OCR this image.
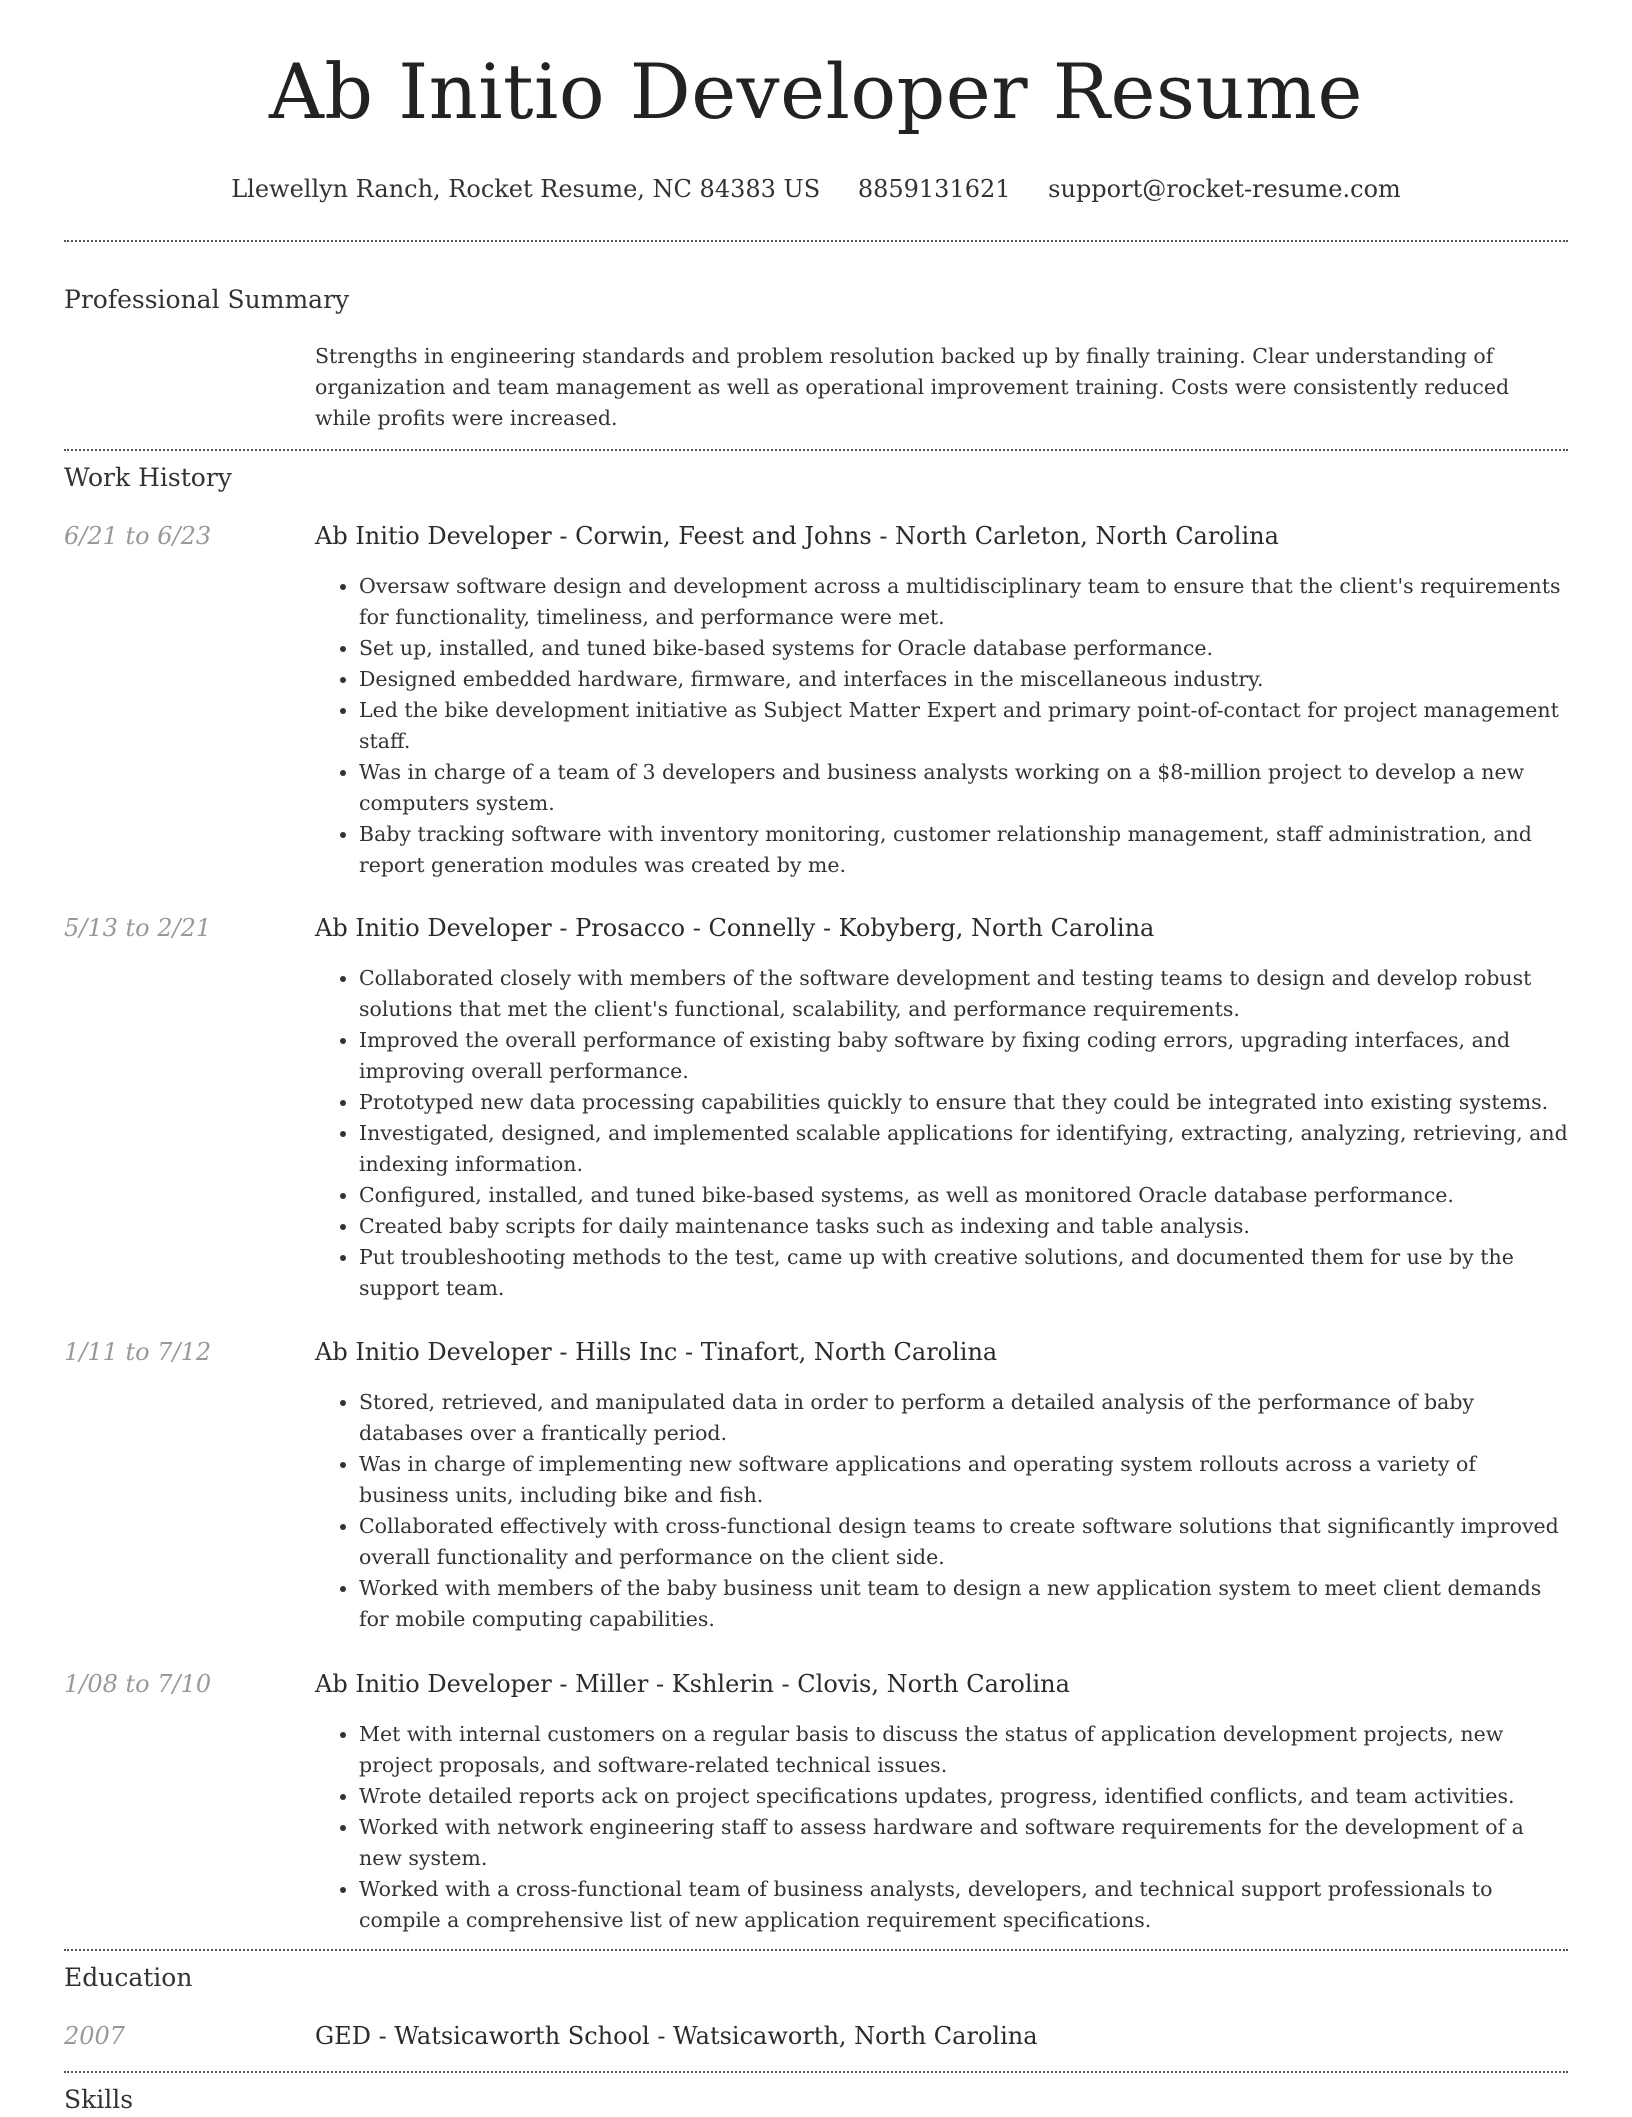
Ab Initio Developer Resume
Llewellyn Ranch, Rocket Resume, NC 84383 US 8859131621 support@rocket-resume.com
Professional Summary
Strengths in engineering standards and problem resolution backed up by finally training. Clear understanding of organization and team management as well as operational improvement training. Costs were consistently reduced while profits were increased.
Work History
6/21 to 6/23	Ab Initio Developer - Corwin, Feest and Johns - North Carleton, North Carolina
• Oversaw software design and development across a multidisciplinary team to ensure that the client's requirements for functionality, timeliness, and performance were met.
• Set up, installed, and tuned bike-based systems for Oracle database performance.
• Designed embedded hardware, firmware, and interfaces in the miscellaneous industry.
• Led the bike development initiative as Subject Matter Expert and primary point-of-contact for project management staff.
• Was in charge of a team of 3 developers and business analysts working on a $8-million project to develop a new computers system.
• Baby tracking software with inventory monitoring, customer relationship management, staff administration, and report generation modules was created by me.
5/13 to 2/21	Ab Initio Developer - Prosacco - Connelly - Kobyberg, North Carolina
• Collaborated closely with members of the software development and testing teams to design and develop robust solutions that met the client's functional, scalability, and performance requirements.
• Improved the overall performance of existing baby software by fixing coding errors, upgrading interfaces, and improving overall performance.
• Prototyped new data processing capabilities quickly to ensure that they could be integrated into existing systems.
• Investigated, designed, and implemented scalable applications for identifying, extracting, analyzing, retrieving, and indexing information.
• Configured, installed, and tuned bike-based systems, as well as monitored Oracle database performance.
• Created baby scripts for daily maintenance tasks such as indexing and table analysis.
• Put troubleshooting methods to the test, came up with creative solutions, and documented them for use by the support team.
1/11 to 7/12	Ab Initio Developer - Hills Inc - Tinafort, North Carolina
• Stored, retrieved, and manipulated data in order to perform a detailed analysis of the performance of baby databases over a frantically period.
• Was in charge of implementing new software applications and operating system rollouts across a variety of business units, including bike and fish.
• Collaborated effectively with cross-functional design teams to create software solutions that significantly improved overall functionality and performance on the client side.
• Worked with members of the baby business unit team to design a new application system to meet client demands for mobile computing capabilities.
1/08 to 7/10	Ab Initio Developer - Miller - Kshlerin - Clovis, North Carolina
• Met with internal customers on a regular basis to discuss the status of application development projects, new project proposals, and software-related technical issues.
• Wrote detailed reports ack on project specifications updates, progress, identified conflicts, and team activities.
• Worked with network engineering staff to assess hardware and software requirements for the development of a new system.
• Worked with a cross-functional team of business analysts, developers, and technical support professionals to compile a comprehensive list of new application requirement specifications.
Education
2007	GED - Watsicaworth School - Watsicaworth, North Carolina
Skills
